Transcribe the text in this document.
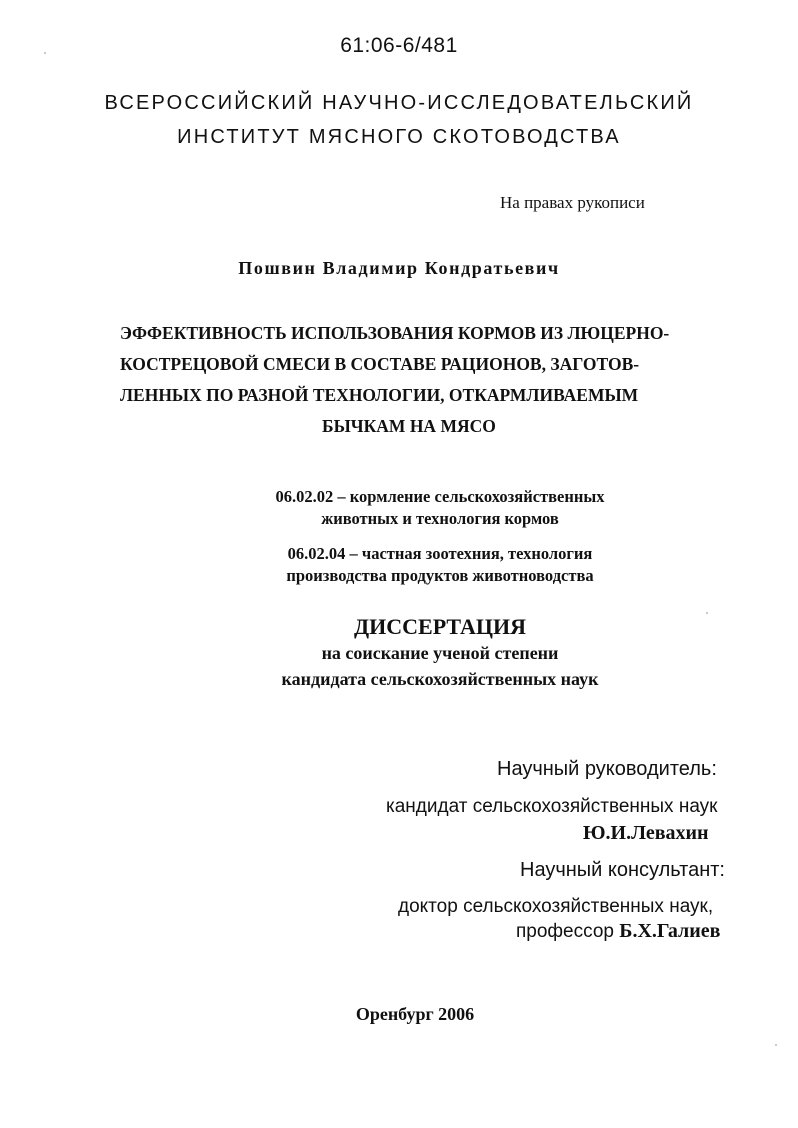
61:06-6/481
ВСЕРОССИЙСКИЙ НАУЧНО-ИССЛЕДОВАТЕЛЬСКИЙ
ИНСТИТУТ МЯСНОГО СКОТОВОДСТВА
На правах рукописи
Пошвин Владимир Кондратьевич
ЭФФЕКТИВНОСТЬ ИСПОЛЬЗОВАНИЯ КОРМОВ ИЗ ЛЮЦЕРНО-
КОСТРЕЦОВОЙ СМЕСИ В СОСТАВЕ РАЦИОНОВ, ЗАГОТОВ-
ЛЕННЫХ ПО РАЗНОЙ ТЕХНОЛОГИИ, ОТКАРМЛИВАЕМЫМ
БЫЧКАМ НА МЯСО
06.02.02 – кормление сельскохозяйственных
животных и технология кормов
06.02.04 – частная зоотехния, технология
производства продуктов животноводства
ДИССЕРТАЦИЯ
на соискание ученой степени
кандидата сельскохозяйственных наук
Научный руководитель:
кандидат сельскохозяйственных наук
Ю.И.Левахин
Научный консультант:
доктор сельскохозяйственных наук,
профессор Б.Х.Галиев
Оренбург 2006
